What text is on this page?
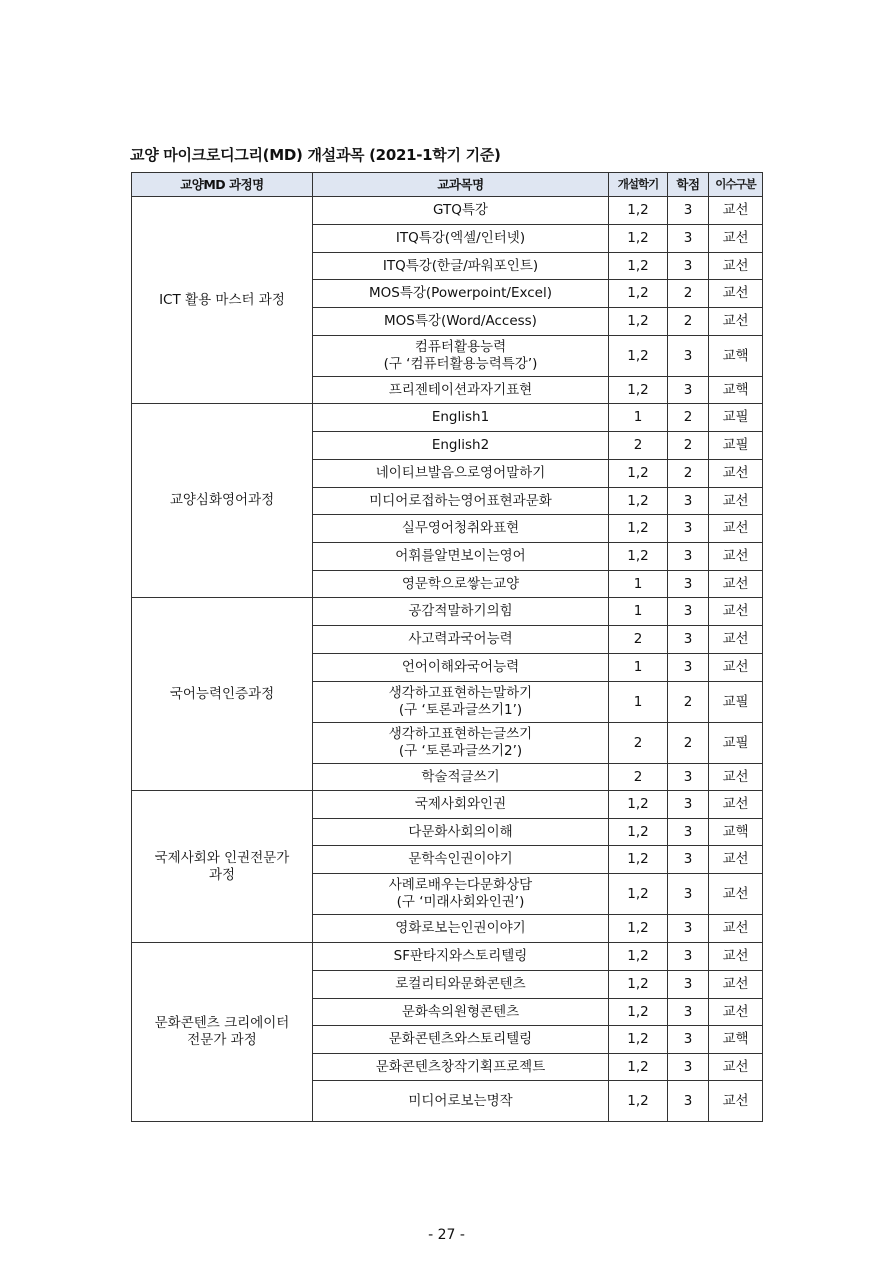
교양 마이크로디그리(MD) 개설과목 (2021-1학기 기준)
교양MD 과정명	교과목명	개설학기	학점	이수구분

ICT 활용 마스터 과정	GTQ특강	1,2	3	교선

	ITQ특강(엑셀/인터넷)	1,2	3	교선

	ITQ특강(한글/파워포인트)	1,2	3	교선

	MOS특강(Powerpoint/Excel)	1,2	2	교선

	MOS특강(Word/Access)	1,2	2	교선

	컴퓨터활용능력
(구 ‘컴퓨터활용능력특강’)	1,2	3	교핵

	프리젠테이션과자기표현	1,2	3	교핵

교양심화영어과정	English1	1	2	교필

	English2	2	2	교필

	네이티브발음으로영어말하기	1,2	2	교선

	미디어로접하는영어표현과문화	1,2	3	교선

	실무영어청취와표현	1,2	3	교선

	어휘를알면보이는영어	1,2	3	교선

	영문학으로쌓는교양	1	3	교선

국어능력인증과정	공감적말하기의힘	1	3	교선

	사고력과국어능력	2	3	교선

	언어이해와국어능력	1	3	교선

	생각하고표현하는말하기
(구 ‘토론과글쓰기1’)	1	2	교필

	생각하고표현하는글쓰기
(구 ‘토론과글쓰기2’)	2	2	교필

	학술적글쓰기	2	3	교선

국제사회와 인권전문가
과정	국제사회와인권	1,2	3	교선

	다문화사회의이해	1,2	3	교핵

	문학속인권이야기	1,2	3	교선

	사례로배우는다문화상담
(구 ‘미래사회와인권’)	1,2	3	교선

	영화로보는인권이야기	1,2	3	교선

문화콘텐츠 크리에이터
전문가 과정	SF판타지와스토리텔링	1,2	3	교선

	로컬리티와문화콘텐츠	1,2	3	교선

	문화속의원형콘텐츠	1,2	3	교선

	문화콘텐츠와스토리텔링	1,2	3	교핵

	문화콘텐츠창작기획프로젝트	1,2	3	교선

	미디어로보는명작	1,2	3	교선
- 27 -
